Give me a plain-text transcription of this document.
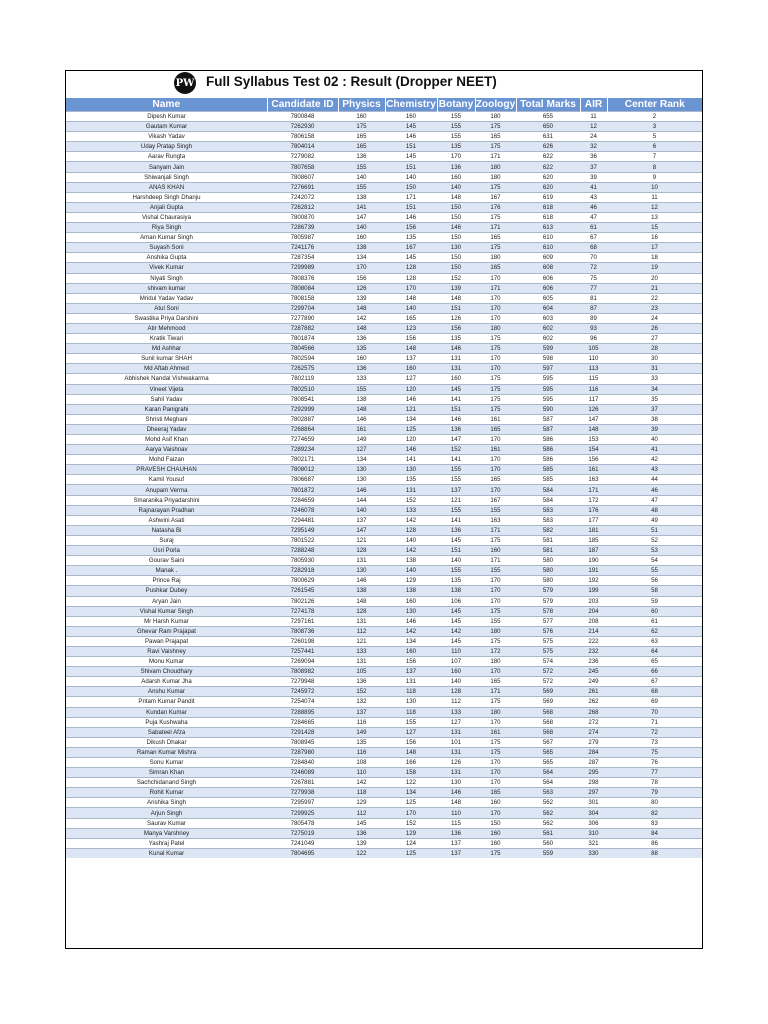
PW Full Syllabus Test 02 : Result (Dropper NEET)
Name	Candidate ID	Physics	Chemistry	Botany	Zoology	Total Marks	AIR	Center Rank
Dipesh Kumar	7800848	160	160	155	180	655	11	2
Gautam Kumar	7262930	175	145	155	175	650	12	3
Vikash Yadav	7806158	165	146	155	165	631	24	5
Uday Pratap Singh	7804014	165	151	135	175	626	32	6
Aarav Rungta	7279082	136	145	170	171	622	36	7
Sanyam Jain	7807658	155	151	136	180	622	37	8
Shiwanjali Singh	7808607	140	140	160	180	620	39	9
ANAS KHAN	7276691	155	150	140	175	620	41	10
Harshdeep Singh Dhanju	7242072	138	171	148	167	619	43	11
Anjali Gupta	7262812	141	151	150	176	618	46	12
Vishal Chaurasiya	7800870	147	146	150	175	618	47	13
Riya Singh	7286739	140	156	146	171	613	61	15
Aman Kumar Singh	7805987	160	135	150	165	610	67	16
Suyash Soni	7241176	138	167	130	175	610	68	17
Anshika Gupta	7287354	134	145	150	180	609	70	18
Vivek Kumar	7299989	170	128	150	165	608	72	19
Niyati Singh	7808376	156	128	152	170	606	75	20
shivam kumar	7808084	126	170	139	171	606	77	21
Mridul Yadav Yadav	7808158	139	148	148	170	605	81	22
Atul Soni	7299704	148	140	151	170	604	87	23
Swastika Priya Darshini	7277890	142	165	126	170	603	89	24
Atir Mehmood	7287882	148	123	156	180	602	93	26
Kratik Tiwari	7801874	136	156	135	175	602	96	27
Md Ashhar	7804566	135	148	146	175	599	105	28
Sunil kumar SHAH	7802594	160	137	131	170	598	110	30
Md Aftab Ahmed	7262575	136	160	131	170	597	113	31
Abhishek Nandal Vishwakarma	7802119	133	127	160	175	595	115	33
Vineet Vijeta	7802510	155	120	145	175	595	116	34
Sahil Yadav	7808541	138	146	141	175	595	117	35
Karan Panigrahi	7292999	148	121	151	175	590	126	37
Shristi Meghani	7802887	146	134	146	161	587	147	38
Dheeraj Yadav	7268864	161	125	136	165	587	148	39
Mohd Asif Khan	7274659	149	120	147	170	586	153	40
Aarya Vaishnav	7289234	127	146	152	161	586	154	41
Mohd Faizan	7802171	134	141	141	170	586	156	42
PRAVESH CHAUHAN	7808012	130	130	155	170	585	161	43
Kamil Yousuf	7806687	130	135	155	165	585	163	44
Anupam Verma	7801872	146	131	137	170	584	171	46
Smaranika Priyadarshini	7284659	144	152	121	167	584	172	47
Rajnarayan Pradhan	7246078	140	133	155	155	583	176	48
Ashwini Asati	7294481	137	142	141	163	583	177	49
Natasha Bi	7295149	147	128	136	171	582	181	51
Suraj	7801522	121	140	145	175	581	185	52
Usri Porla	7288248	128	142	151	160	581	187	53
Gourav Saini	7805930	131	138	140	171	580	190	54
Manak .	7282918	130	140	155	155	580	191	55
Prince Raj	7800629	146	129	135	170	580	192	56
Pushkar Dubey	7261545	138	138	138	170	579	199	58
Aryan Jain	7802126	148	160	106	170	579	203	59
Vishal Kumar Singh	7274178	128	130	145	175	578	204	60
Mr Harsh Kumar	7297161	131	146	145	155	577	208	61
Ghevar Ram Prajapat	7808736	112	142	142	180	576	214	62
Pawan Prajapat	7260198	121	134	145	175	575	222	63
Ravi Vaishney	7257441	133	160	110	172	575	232	64
Monu Kumar	7269094	131	156	107	180	574	236	65
Shivam Choudhary	7808982	105	137	160	170	572	245	66
Adarsh Kumar Jha	7279948	136	131	140	165	572	249	67
Anshu Kumar	7245972	152	118	128	171	569	261	68
Pritam Kumar Pandit	7254074	132	130	112	175	569	262	69
Kundan Kumar	7288895	137	118	133	180	568	268	70
Puja Kushwaha	7284665	116	155	127	170	568	272	71
Sabateel Afza	7291428	149	127	131	161	568	274	72
Dikush Dhakar	7808945	135	156	101	175	567	279	73
Raman Kumar Mishra	7287980	116	148	131	175	565	284	75
Sonu Kumar	7284840	108	166	126	170	565	287	76
Simran Khan	7246089	110	158	131	170	564	295	77
Sachchidanand Singh	7267881	142	122	130	170	564	298	78
Rohit Kumar	7279938	118	134	146	165	563	297	79
Anshika Singh	7295997	129	125	148	160	562	301	80
Arjun Singh	7299925	112	170	110	170	562	304	82
Saurav Kumar	7805478	145	152	115	150	562	306	83
Manya Varshney	7275019	136	129	136	160	561	310	84
Yashraj Patel	7241049	139	124	137	160	560	321	86
Kunal Kumar	7804695	122	125	137	175	559	330	88
